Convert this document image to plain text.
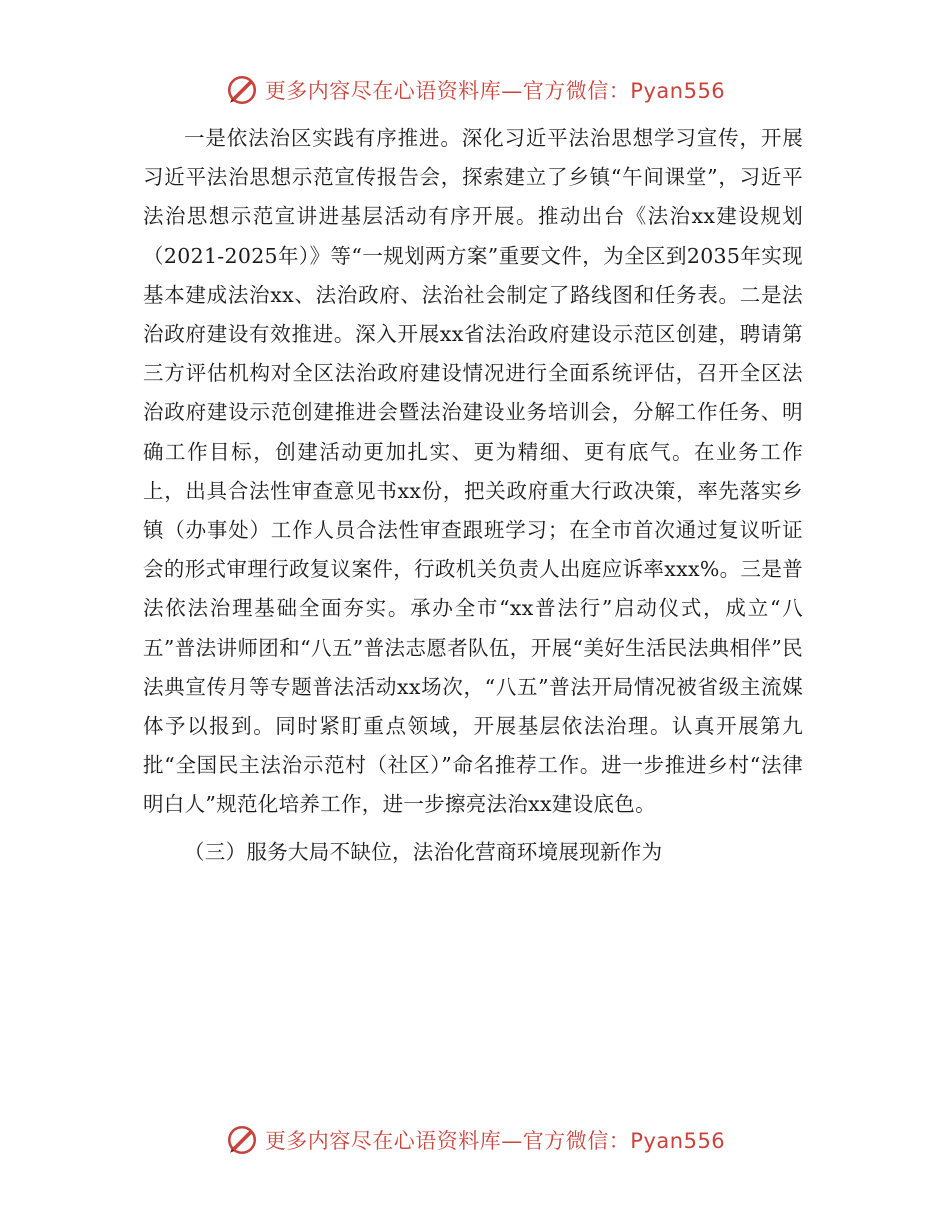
更多内容尽在心语资料库—官方微信：Pyan556

一是依法治区实践有序推进。深化习近平法治思想学习宣传，开展习近平法治思想示范宣传报告会，探索建立了乡镇“午间课堂”，习近平法治思想示范宣讲进基层活动有序开展。推动出台《法治xx建设规划（2021-2025年）》等“一规划两方案”重要文件，为全区到2035年实现基本建成法治xx、法治政府、法治社会制定了路线图和任务表。二是法治政府建设有效推进。深入开展xx省法治政府建设示范区创建，聘请第三方评估机构对全区法治政府建设情况进行全面系统评估，召开全区法治政府建设示范创建推进会暨法治建设业务培训会，分解工作任务、明确工作目标，创建活动更加扎实、更为精细、更有底气。在业务工作上，出具合法性审查意见书xx份，把关政府重大行政决策，率先落实乡镇（办事处）工作人员合法性审查跟班学习；在全市首次通过复议听证会的形式审理行政复议案件，行政机关负责人出庭应诉率xxx%。三是普法依法治理基础全面夯实。承办全市“xx普法行”启动仪式，成立“八五”普法讲师团和“八五”普法志愿者队伍，开展“美好生活民法典相伴”民法典宣传月等专题普法活动xx场次，“八五”普法开局情况被省级主流媒体予以报到。同时紧盯重点领域，开展基层依法治理。认真开展第九批“全国民主法治示范村（社区）”命名推荐工作。进一步推进乡村“法律明白人”规范化培养工作，进一步擦亮法治xx建设底色。

（三）服务大局不缺位，法治化营商环境展现新作为

更多内容尽在心语资料库—官方微信：Pyan556
